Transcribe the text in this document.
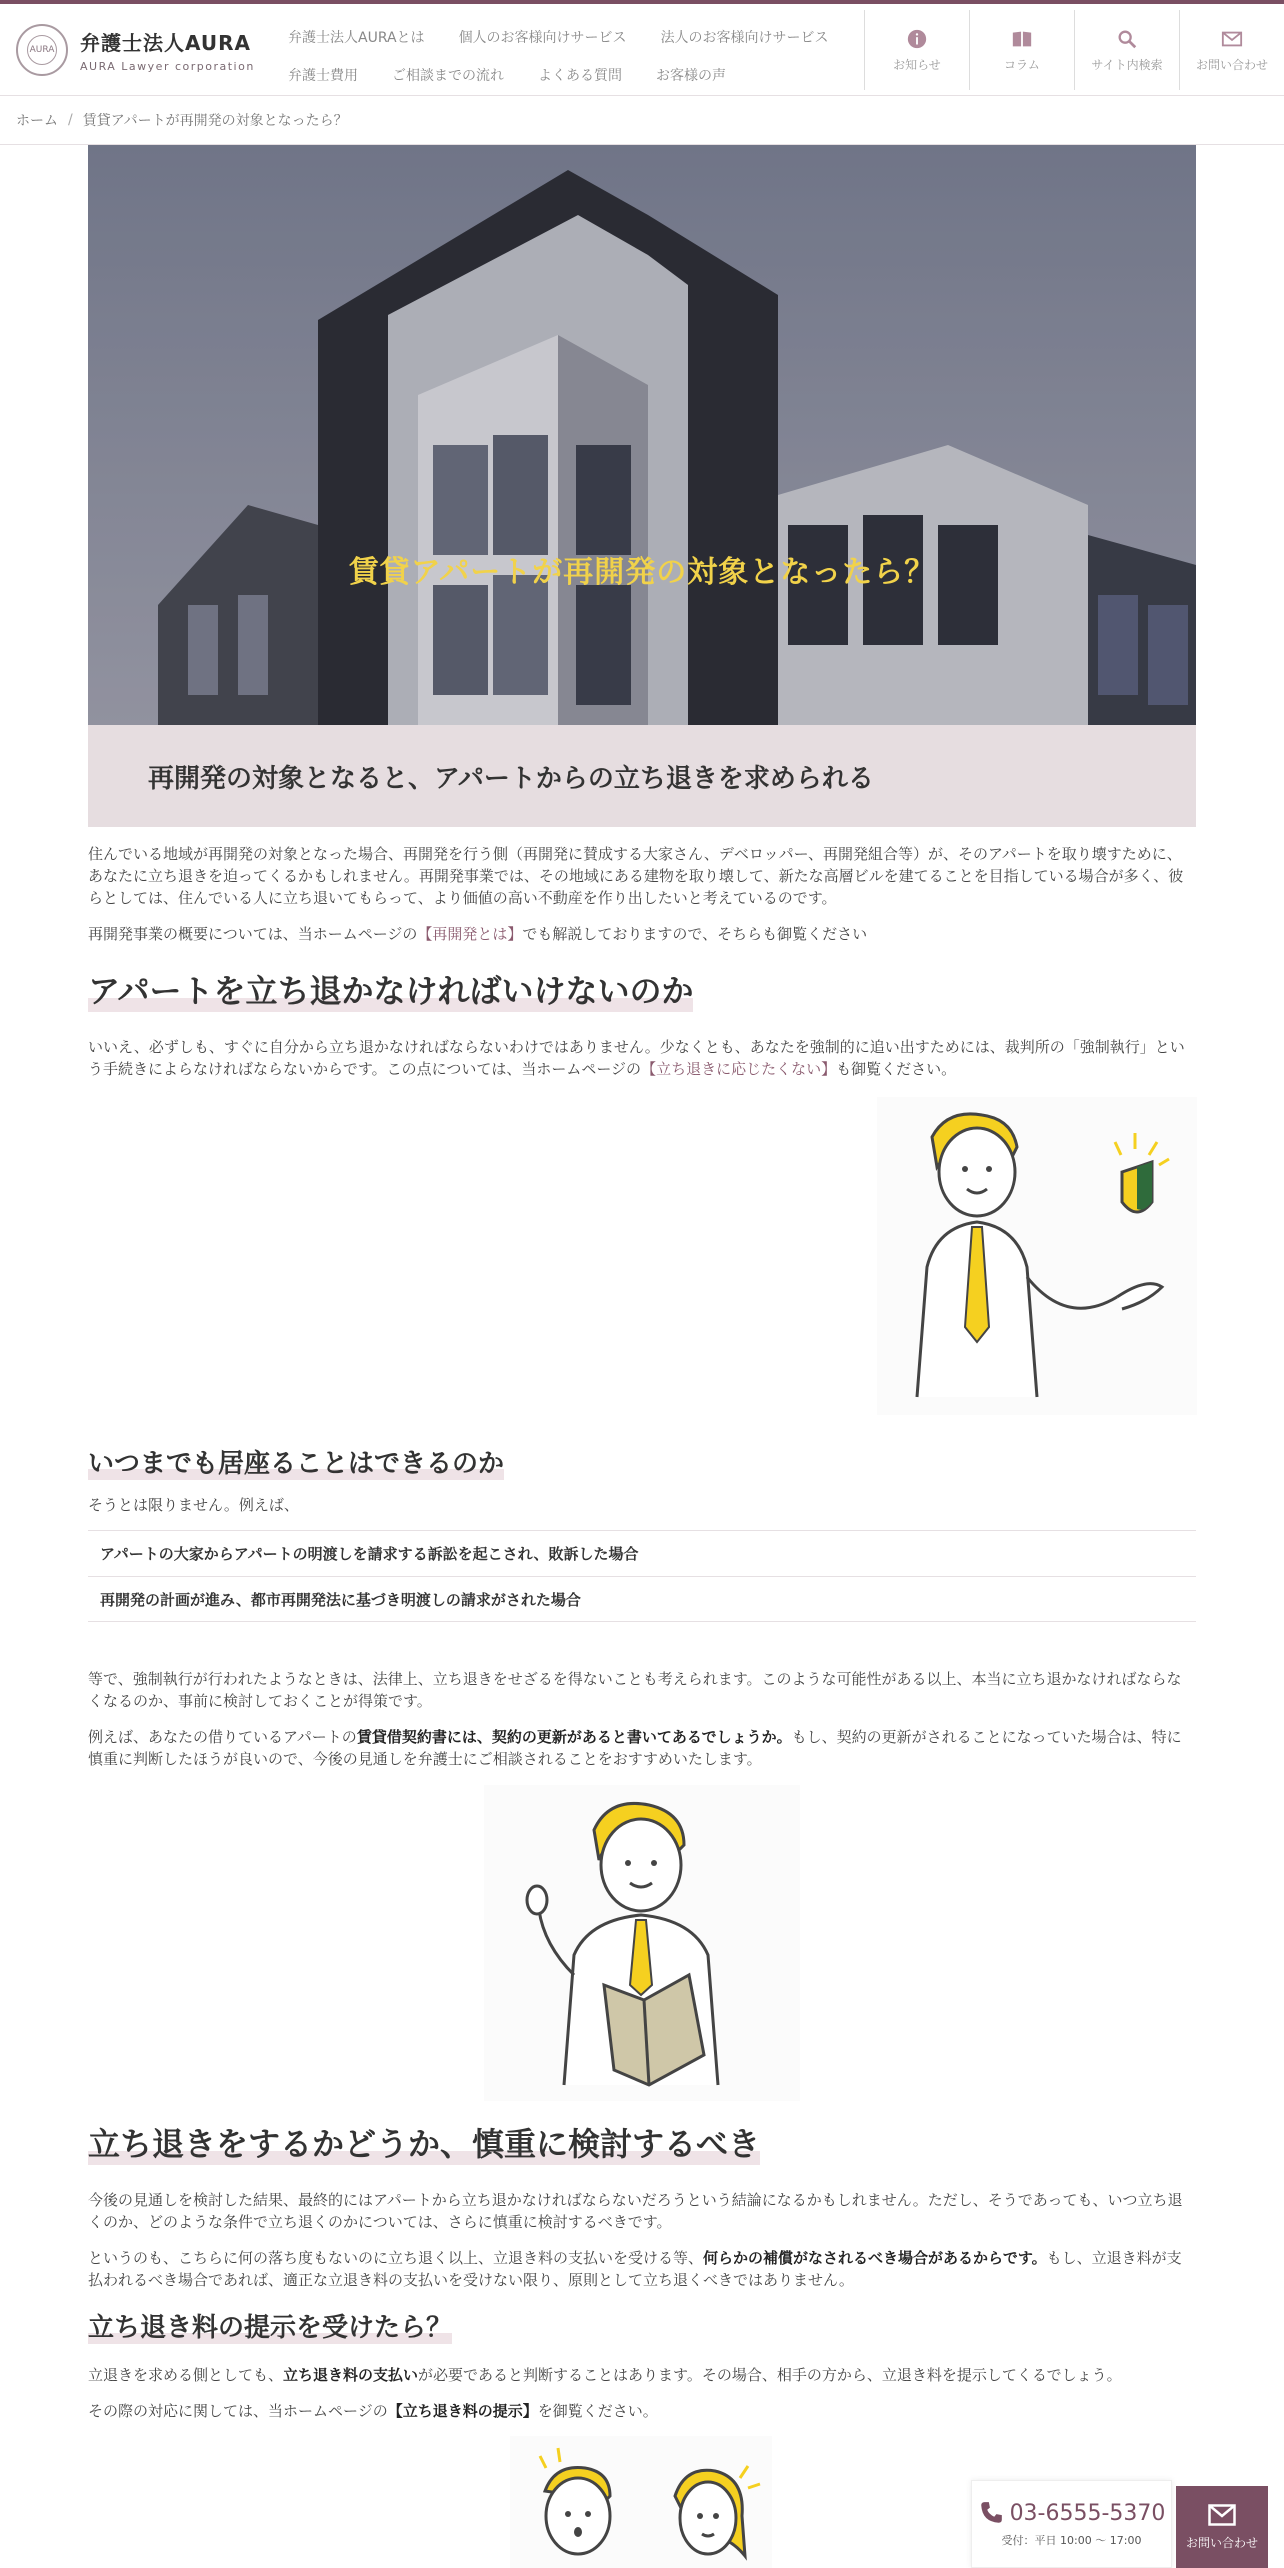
AURA 弁護士法人AURA
AURA Lawyer corporation
弁護士法人AURAとは 個人のお客様向けサービス 法人のお客様向けサービス
弁護士費用 ご相談までの流れ よくある質問 お客様の声
お知らせ	コラム	サイト内検索	お問い合わせ
ホーム / 賃貸アパートが再開発の対象となったら？
賃貸アパートが再開発の対象となったら？
再開発の対象となると、アパートからの立ち退きを求められる

住んでいる地域が再開発の対象となった場合、再開発を行う側（再開発に賛成する大家さん、デベロッパー、再開発組合等）が、そのアパートを取り壊すために、あなたに立ち退きを迫ってくるかもしれません。再開発事業では、その地域にある建物を取り壊して、新たな高層ビルを建てることを目指している場合が多く、彼らとしては、住んでいる人に立ち退いてもらって、より価値の高い不動産を作り出したいと考えているのです。

再開発事業の概要については、当ホームページの【再開発とは】でも解説しておりますので、そちらも御覧ください

アパートを立ち退かなければいけないのか

いいえ、必ずしも、すぐに自分から立ち退かなければならないわけではありません。少なくとも、あなたを強制的に追い出すためには、裁判所の「強制執行」という手続きによらなければならないからです。この点については、当ホームページの【立ち退きに応じたくない】も御覧ください。

いつまでも居座ることはできるのか

そうとは限りません。例えば、

アパートの大家からアパートの明渡しを請求する訴訟を起こされ、敗訴した場合
再開発の計画が進み、都市再開発法に基づき明渡しの請求がされた場合

等で、強制執行が行われたようなときは、法律上、立ち退きをせざるを得ないことも考えられます。このような可能性がある以上、本当に立ち退かなければならなくなるのか、事前に検討しておくことが得策です。

例えば、あなたの借りているアパートの賃貸借契約書には、契約の更新があると書いてあるでしょうか。もし、契約の更新がされることになっていた場合は、特に慎重に判断したほうが良いので、今後の見通しを弁護士にご相談されることをおすすめいたします。

立ち退きをするかどうか、慎重に検討するべき

今後の見通しを検討した結果、最終的にはアパートから立ち退かなければならないだろうという結論になるかもしれません。ただし、そうであっても、いつ立ち退くのか、どのような条件で立ち退くのかについては、さらに慎重に検討するべきです。

というのも、こちらに何の落ち度もないのに立ち退く以上、立退き料の支払いを受ける等、何らかの補償がなされるべき場合があるからです。もし、立退き料が支払われるべき場合であれば、適正な立退き料の支払いを受けない限り、原則として立ち退くべきではありません。

立ち退き料の提示を受けたら？

立退きを求める側としても、立ち退き料の支払いが必要であると判断することはあります。その場合、相手の方から、立退き料を提示してくるでしょう。

その際の対応に関しては、当ホームページの【立ち退き料の提示】を御覧ください。

03-6555-5370
受付：平日 10:00 ～ 17:00	お問い合わせ
